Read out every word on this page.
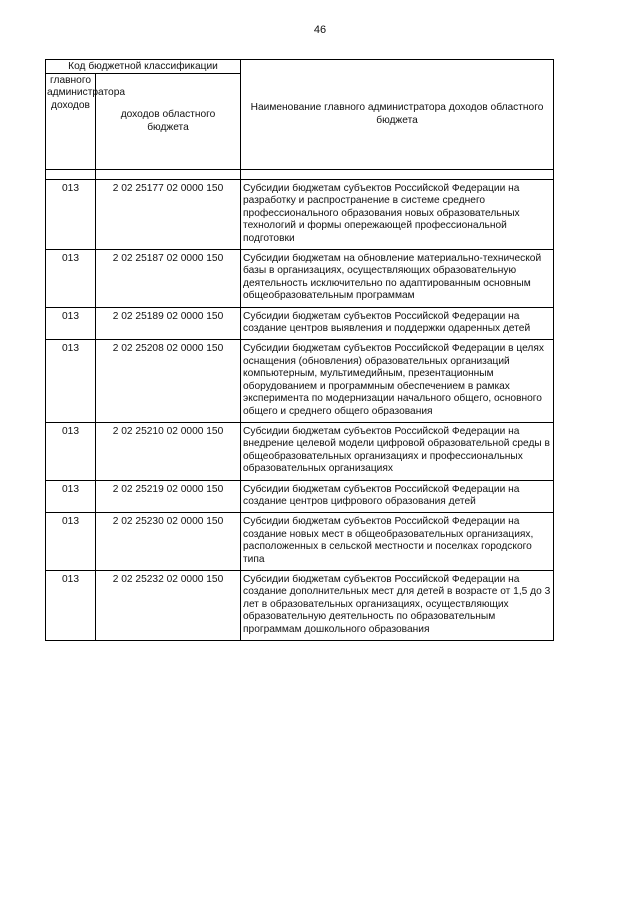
46
Код бюджетной классификации		Наименование главного администратора доходов областного бюджета
главного администратора доходов	доходов областного бюджета	

013	2 02 25177 02 0000 150	Субсидии бюджетам субъектов Российской Федерации на разработку и распространение в системе среднего профессионального образования новых образовательных технологий и формы опережающей профессиональной подготовки
013	2 02 25187 02 0000 150	Субсидии бюджетам на обновление материально-технической базы в организациях, осуществляющих образовательную деятельность исключительно по адаптированным основным общеобразовательным программам
013	2 02 25189 02 0000 150	Субсидии бюджетам субъектов Российской Федерации на создание центров выявления и поддержки одаренных детей
013	2 02 25208 02 0000 150	Субсидии бюджетам субъектов Российской Федерации в целях оснащения (обновления) образовательных организаций компьютерным, мультимедийным, презентационным оборудованием и программным обеспечением в рамках эксперимента по модернизации начального общего, основного общего и среднего общего образования
013	2 02 25210 02 0000 150	Субсидии бюджетам субъектов Российской Федерации на внедрение целевой модели цифровой образовательной среды в общеобразовательных организациях и профессиональных образовательных организациях
013	2 02 25219 02 0000 150	Субсидии бюджетам субъектов Российской Федерации на создание центров цифрового образования детей
013	2 02 25230 02 0000 150	Субсидии бюджетам субъектов Российской Федерации на создание новых мест в общеобразовательных организациях, расположенных в сельской местности и поселках городского типа
013	2 02 25232 02 0000 150	Субсидии бюджетам субъектов Российской Федерации на создание дополнительных мест для детей в возрасте от 1,5 до 3 лет в образовательных организациях, осуществляющих образовательную деятельность по образовательным программам дошкольного образования
